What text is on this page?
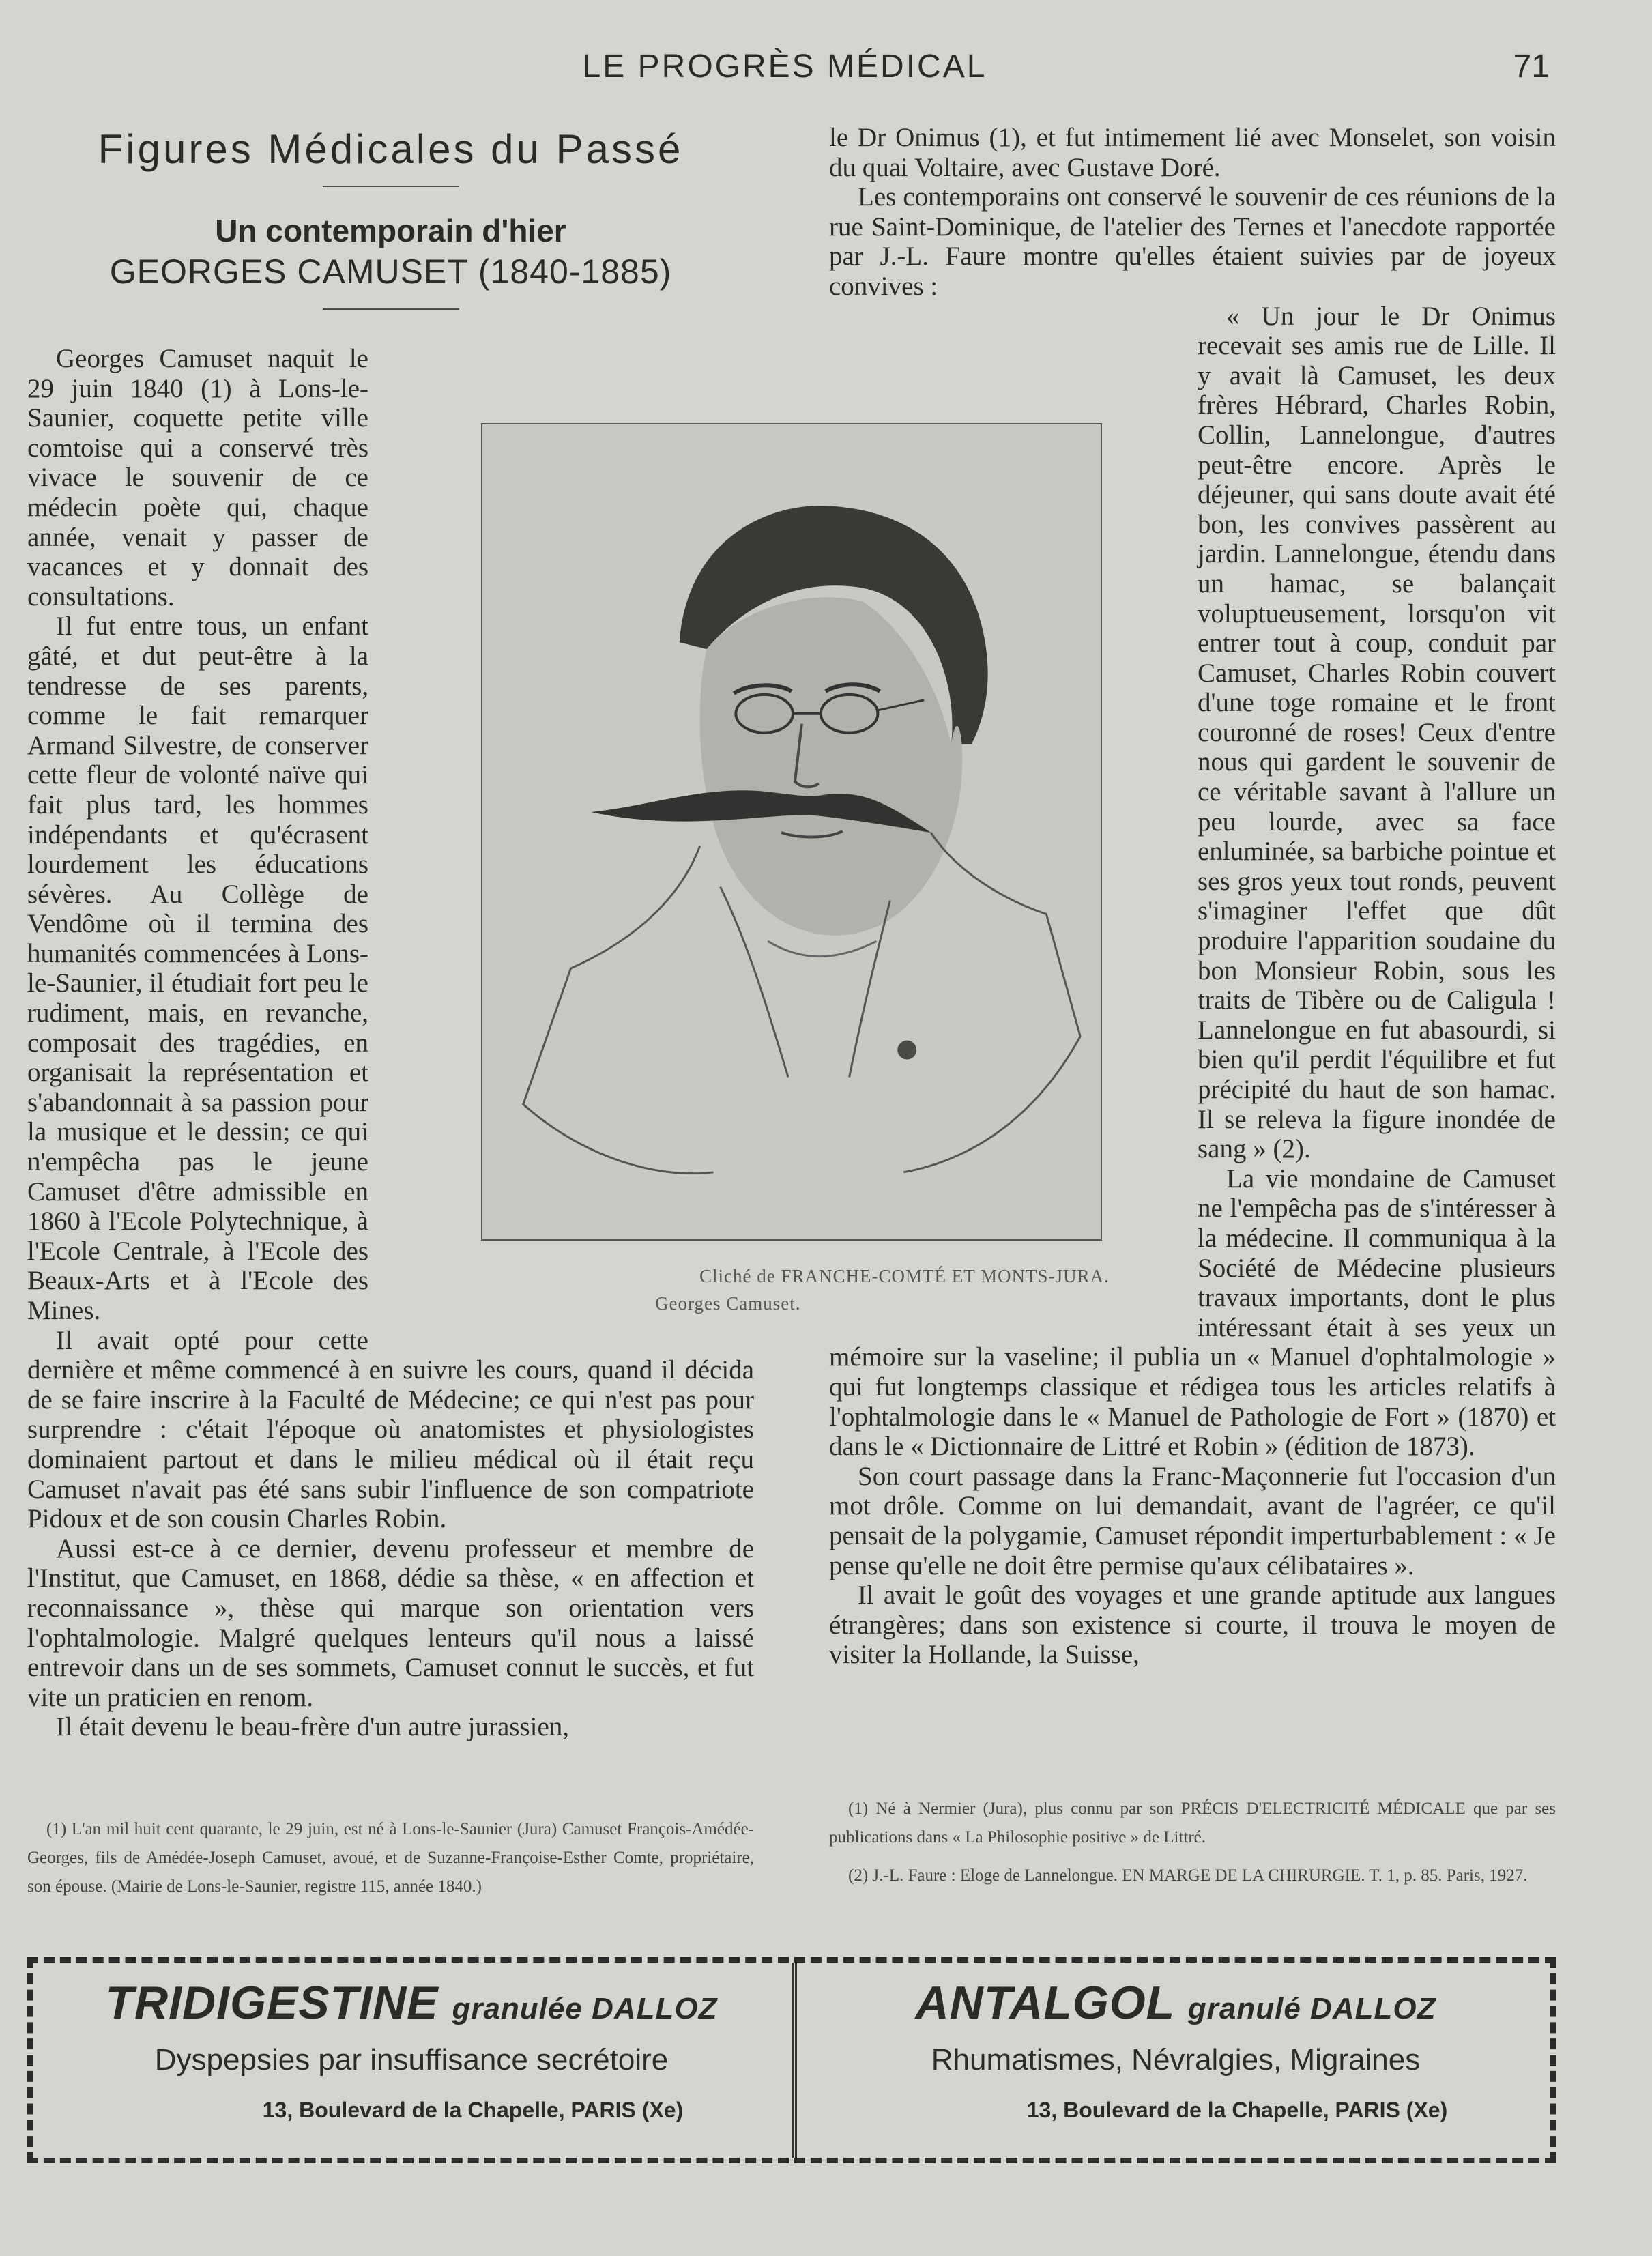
LE PROGRÈS MÉDICAL	71
Figures Médicales du Passé
Un contemporain d'hier
GEORGES CAMUSET (1840-1885)

Georges Camuset naquit le 29 juin 1840 (1) à Lons-le-Saunier, coquette petite ville comtoise qui a conservé très vivace le souvenir de ce médecin poète qui, chaque année, venait y passer de vacances et y donnait des consultations.

Il fut entre tous, un enfant gâté, et dut peut-être à la tendresse de ses parents, comme le fait remarquer Armand Silvestre, de conserver cette fleur de volonté naïve qui fait plus tard, les hommes indépendants et qu'écrasent lourdement les éducations sévères. Au Collège de Vendôme où il termina des humanités commencées à Lons-le-Saunier, il étudiait fort peu le rudiment, mais, en revanche, composait des tragédies, en organisait la représentation et s'abandonnait à sa passion pour la musique et le dessin; ce qui n'empêcha pas le jeune Camuset d'être admissible en 1860 à l'Ecole Polytechnique, à l'Ecole Centrale, à l'Ecole des Beaux-Arts et à l'Ecole des Mines.

Il avait opté pour cette dernière et même commencé à en suivre les cours, quand il décida de se faire inscrire à la Faculté de Médecine; ce qui n'est pas pour surprendre : c'était l'époque où anatomistes et physiologistes dominaient partout et dans le milieu médical où il était reçu Camuset n'avait pas été sans subir l'influence de son compatriote Pidoux et de son cousin Charles Robin.

Aussi est-ce à ce dernier, devenu professeur et membre de l'Institut, que Camuset, en 1868, dédie sa thèse, « en affection et reconnaissance », thèse qui marque son orientation vers l'ophtalmologie. Malgré quelques lenteurs qu'il nous a laissé entrevoir dans un de ses sommets, Camuset connut le succès, et fut vite un praticien en renom.

Il était devenu le beau-frère d'un autre jurassien,

le Dr Onimus (1), et fut intimement lié avec Monselet, son voisin du quai Voltaire, avec Gustave Doré.

Les contemporains ont conservé le souvenir de ces réunions de la rue Saint-Dominique, de l'atelier des Ternes et l'anecdote rapportée par J.-L. Faure montre qu'elles étaient suivies par de joyeux convives :

« Un jour le Dr Onimus recevait ses amis rue de Lille. Il y avait là Camuset, les deux frères Hébrard, Charles Robin, Collin, Lannelongue, d'autres peut-être encore. Après le déjeuner, qui sans doute avait été bon, les convives passèrent au jardin. Lannelongue, étendu dans un hamac, se balançait voluptueusement, lorsqu'on vit entrer tout à coup, conduit par Camuset, Charles Robin couvert d'une toge romaine et le front couronné de roses! Ceux d'entre nous qui gardent le souvenir de ce véritable savant à l'allure un peu lourde, avec sa face enluminée, sa barbiche pointue et ses gros yeux tout ronds, peuvent s'imaginer l'effet que dût produire l'apparition soudaine du bon Monsieur Robin, sous les traits de Tibère ou de Caligula ! Lannelongue en fut abasourdi, si bien qu'il perdit l'équilibre et fut précipité du haut de son hamac. Il se releva la figure inondée de sang » (2).

La vie mondaine de Camuset ne l'empêcha pas de s'intéresser à la médecine. Il communiqua à la Société de Médecine plusieurs travaux importants, dont le plus intéressant était à ses yeux un mémoire sur la vaseline; il publia un « Manuel d'ophtalmologie » qui fut longtemps classique et rédigea tous les articles relatifs à l'ophtalmologie dans le « Manuel de Pathologie de Fort » (1870) et dans le « Dictionnaire de Littré et Robin » (édition de 1873).

Son court passage dans la Franc-Maçonnerie fut l'occasion d'un mot drôle. Comme on lui demandait, avant de l'agréer, ce qu'il pensait de la polygamie, Camuset répondit imperturbablement : « Je pense qu'elle ne doit être permise qu'aux célibataires ».

Il avait le goût des voyages et une grande aptitude aux langues étrangères; dans son existence si courte, il trouva le moyen de visiter la Hollande, la Suisse,

Cliché de FRANCHE-COMTÉ ET MONTS-JURA.
Georges Camuset.

(1) L'an mil huit cent quarante, le 29 juin, est né à Lons-le-Saunier (Jura) Camuset François-Amédée-Georges, fils de Amédée-Joseph Camuset, avoué, et de Suzanne-Françoise-Esther Comte, propriétaire, son épouse. (Mairie de Lons-le-Saunier, registre 115, année 1840.)

(1) Né à Nermier (Jura), plus connu par son PRÉCIS D'ELECTRICITÉ MÉDICALE que par ses publications dans « La Philosophie positive » de Littré.

(2) J.-L. Faure : Eloge de Lannelongue. EN MARGE DE LA CHIRURGIE. T. 1, p. 85. Paris, 1927.

TRIDIGESTINE granulée DALLOZ
Dyspepsies par insuffisance secrétoire
13, Boulevard de la Chapelle, PARIS (Xe)
ANTALGOL granulé DALLOZ
Rhumatismes, Névralgies, Migraines
13, Boulevard de la Chapelle, PARIS (Xe)
